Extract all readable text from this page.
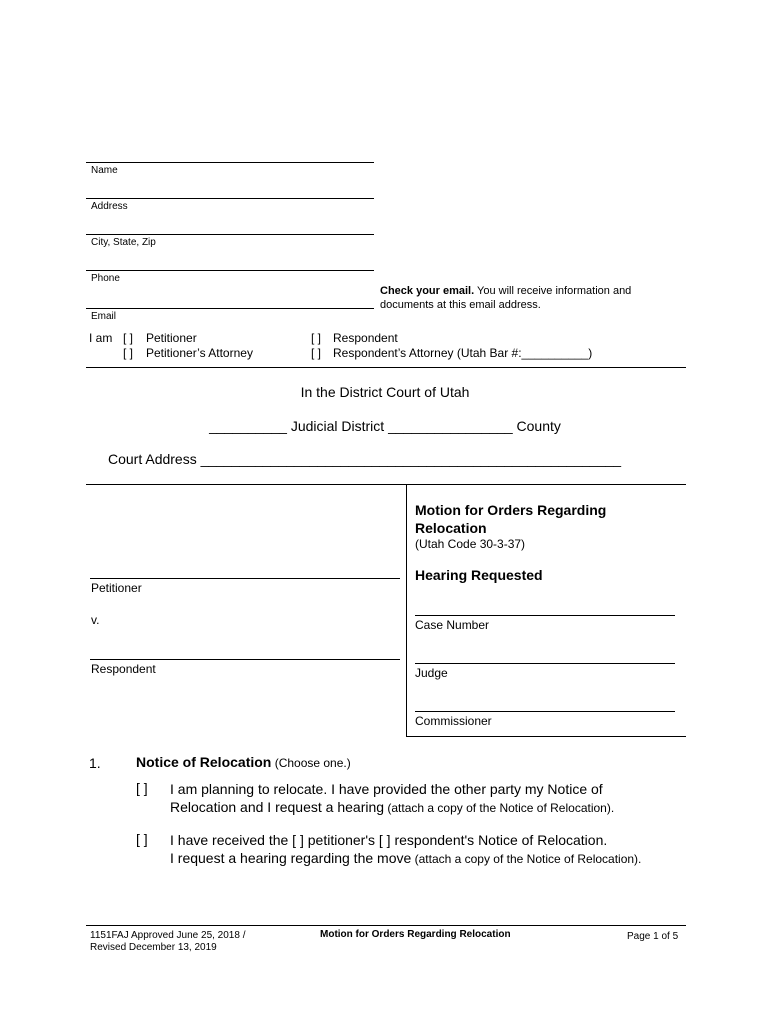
Name
Address
City, State, Zip
Phone
Email
Check your email. You will receive information and
documents at this email address.
I am [ ] Petitioner
[ ] Petitioner’s Attorney
[ ] Respondent
[ ] Respondent’s Attorney (Utah Bar #:__________)
In the District Court of Utah
__________ Judicial District ________________ County
Court Address ______________________________________________________
Motion for Orders Regarding
Relocation
(Utah Code 30-3-37)
Hearing Requested
Petitioner
v.
Respondent
Case Number
Judge
Commissioner
1.	Notice of Relocation (Choose one.)
[ ] I am planning to relocate. I have provided the other party my Notice of
Relocation and I request a hearing (attach a copy of the Notice of Relocation).
[ ] I have received the [ ] petitioner's [ ] respondent's Notice of Relocation.
I request a hearing regarding the move (attach a copy of the Notice of Relocation).
1151FAJ Approved June 25, 2018 /
Revised December 13, 2019
Motion for Orders Regarding Relocation	Page 1 of 5
